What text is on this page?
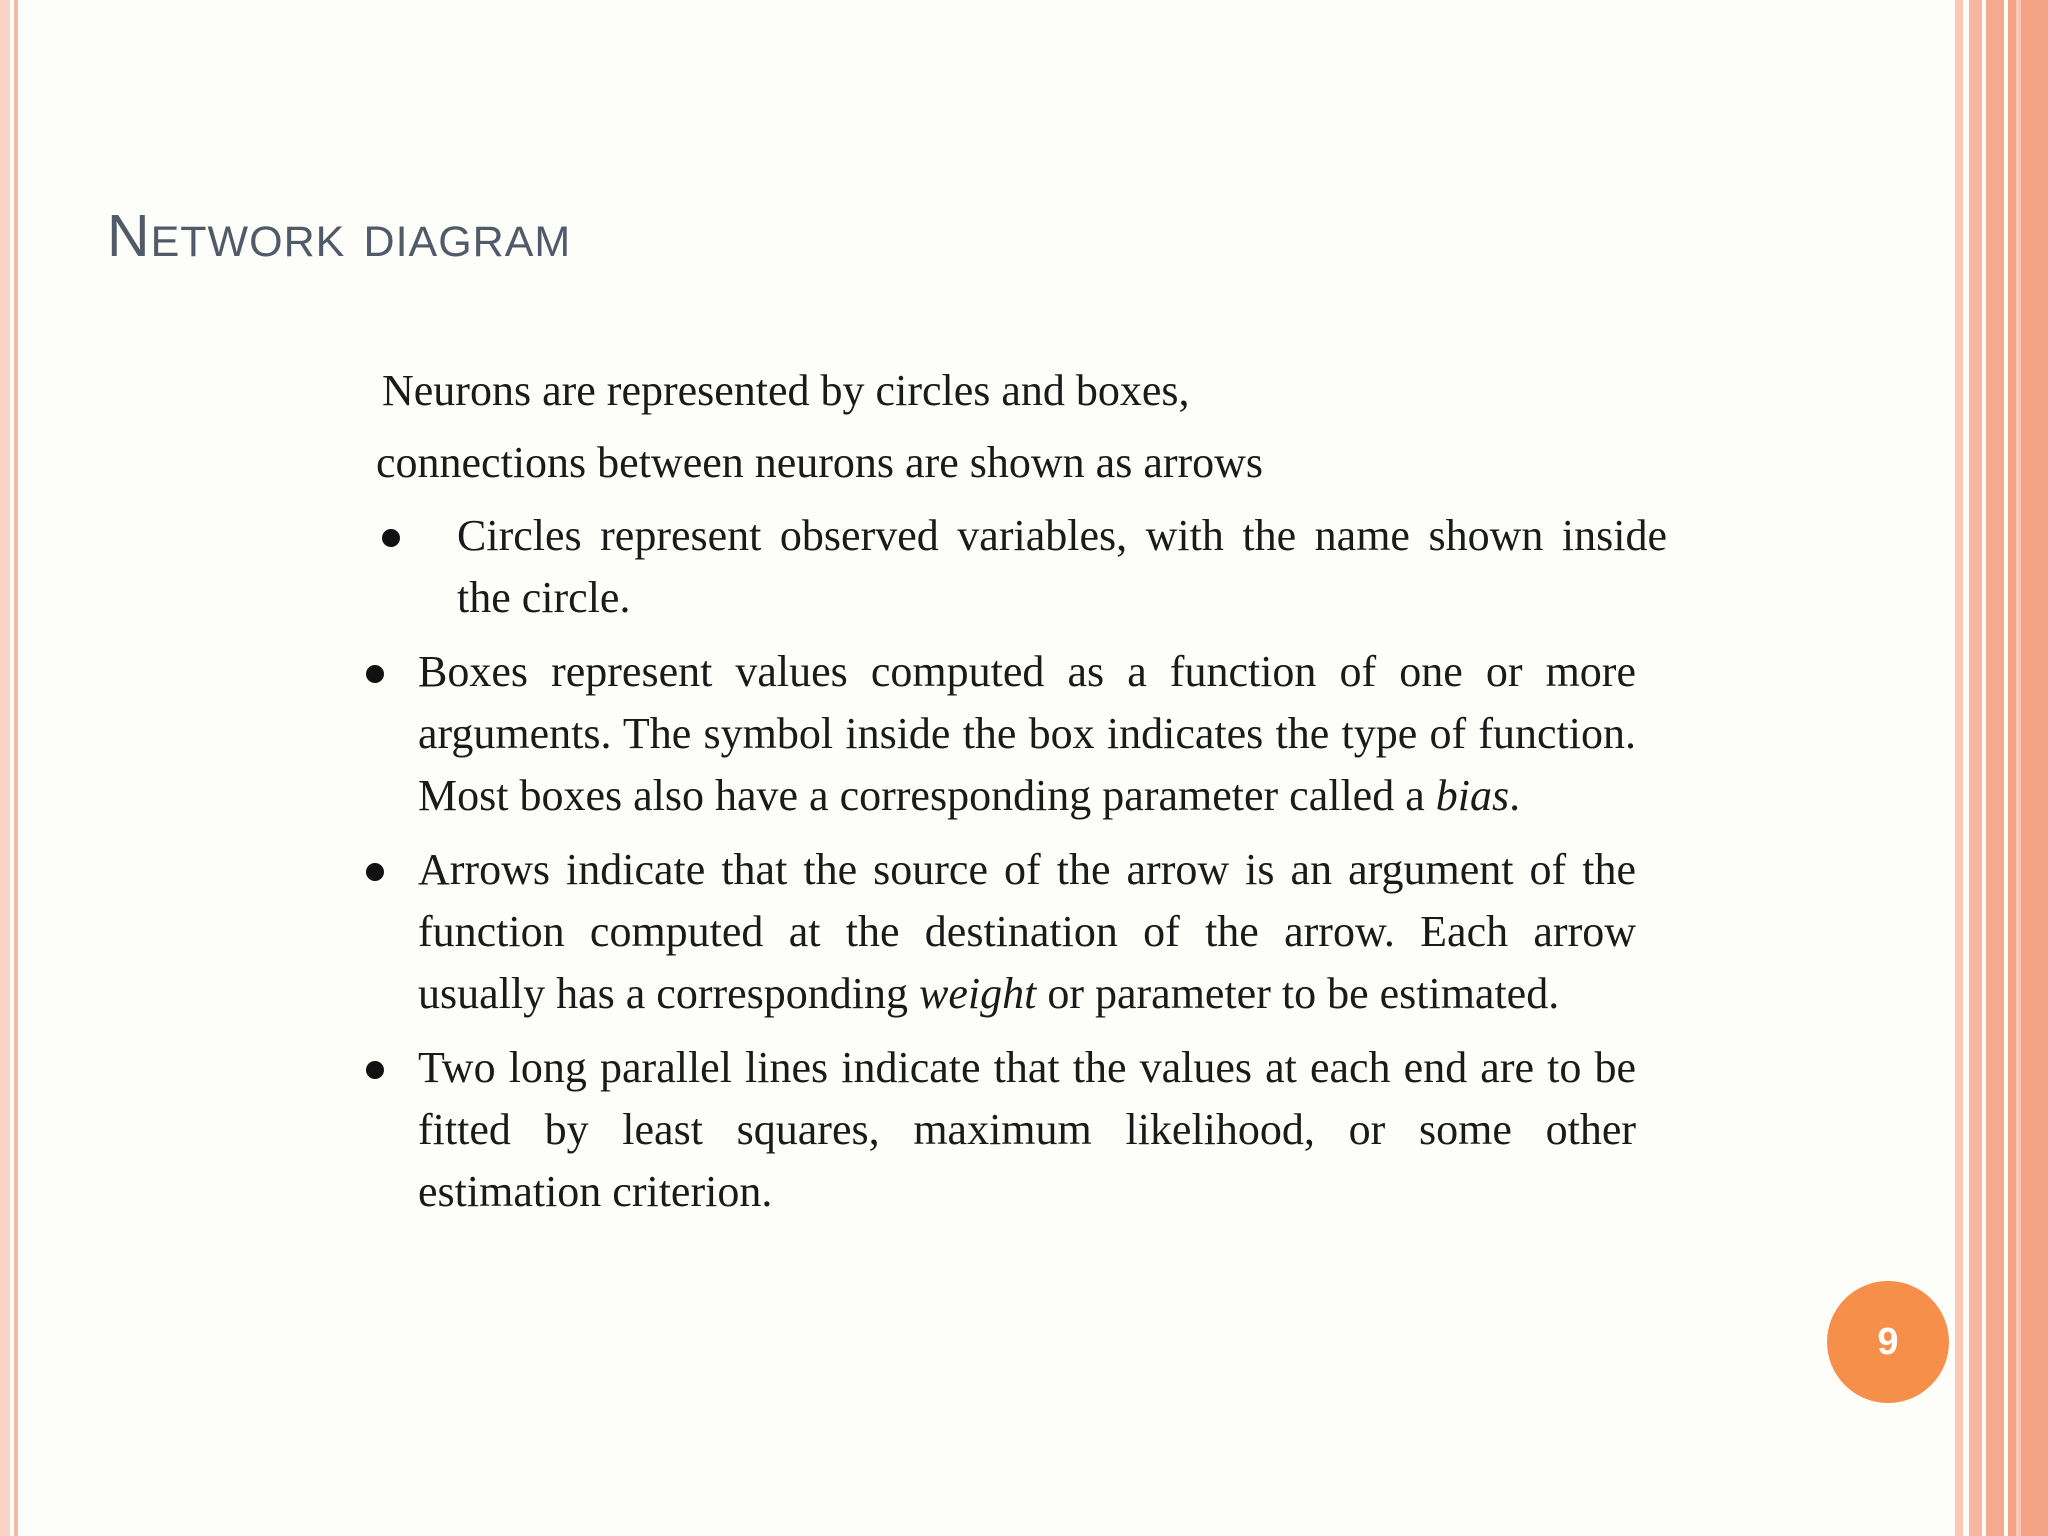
network diagram

Neurons are represented by circles and boxes,
connections between neurons are shown as arrows

Circles represent observed variables, with the name shown inside the circle.
Boxes represent values computed as a function of one or more arguments. The symbol inside the box indicates the type of function. Most boxes also have a corresponding parameter called a bias.
Arrows indicate that the source of the arrow is an argument of the function computed at the destination of the arrow. Each arrow usually has a corresponding weight or parameter to be estimated.
Two long parallel lines indicate that the values at each end are to be fitted by least squares, maximum likelihood, or some other estimation criterion.
9
